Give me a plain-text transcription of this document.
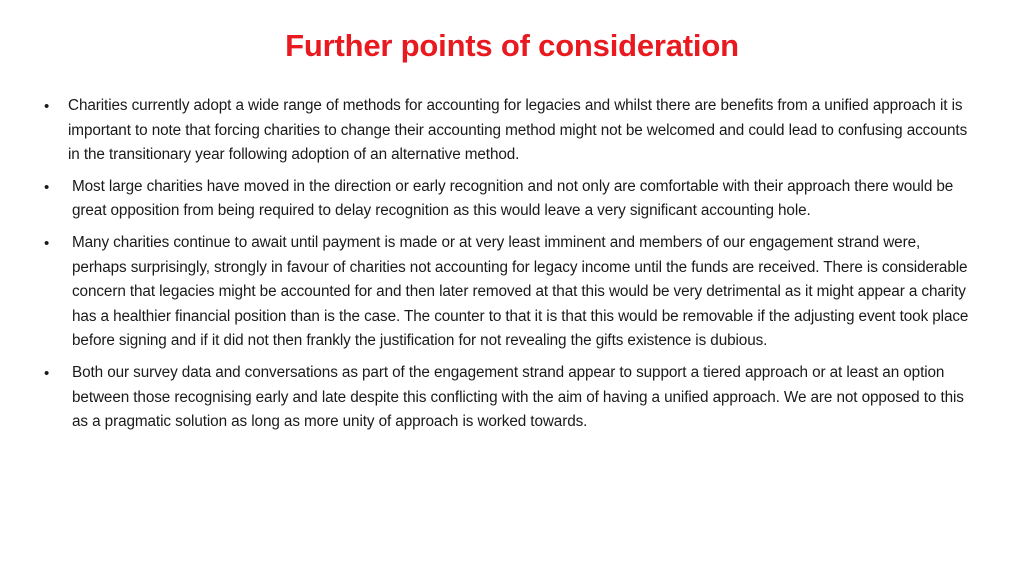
Further points of consideration
•	Charities currently adopt a wide range of methods for accounting for legacies and whilst there are benefits from a unified approach it is important to note that forcing charities to change their accounting method might not be welcomed and could lead to confusing accounts in the transitionary year following adoption of an alternative method.
•	Most large charities have moved in the direction or early recognition and not only are comfortable with their approach there would be great opposition from being required to delay recognition as this would leave a very significant accounting hole.
•	Many charities continue to await until payment is made or at very least imminent and members of our engagement strand were, perhaps surprisingly, strongly in favour of charities not accounting for legacy income until the funds are received. There is considerable concern that legacies might be accounted for and then later removed at that this would be very detrimental as it might appear a charity has a healthier financial position than is the case. The counter to that it is that this would be removable if the adjusting event took place before signing and if it did not then frankly the justification for not revealing the gifts existence is dubious.
•	Both our survey data and conversations as part of the engagement strand appear to support a tiered approach or at least an option between those recognising early and late despite this conflicting with the aim of having a unified approach. We are not opposed to this as a pragmatic solution as long as more unity of approach is worked towards.
